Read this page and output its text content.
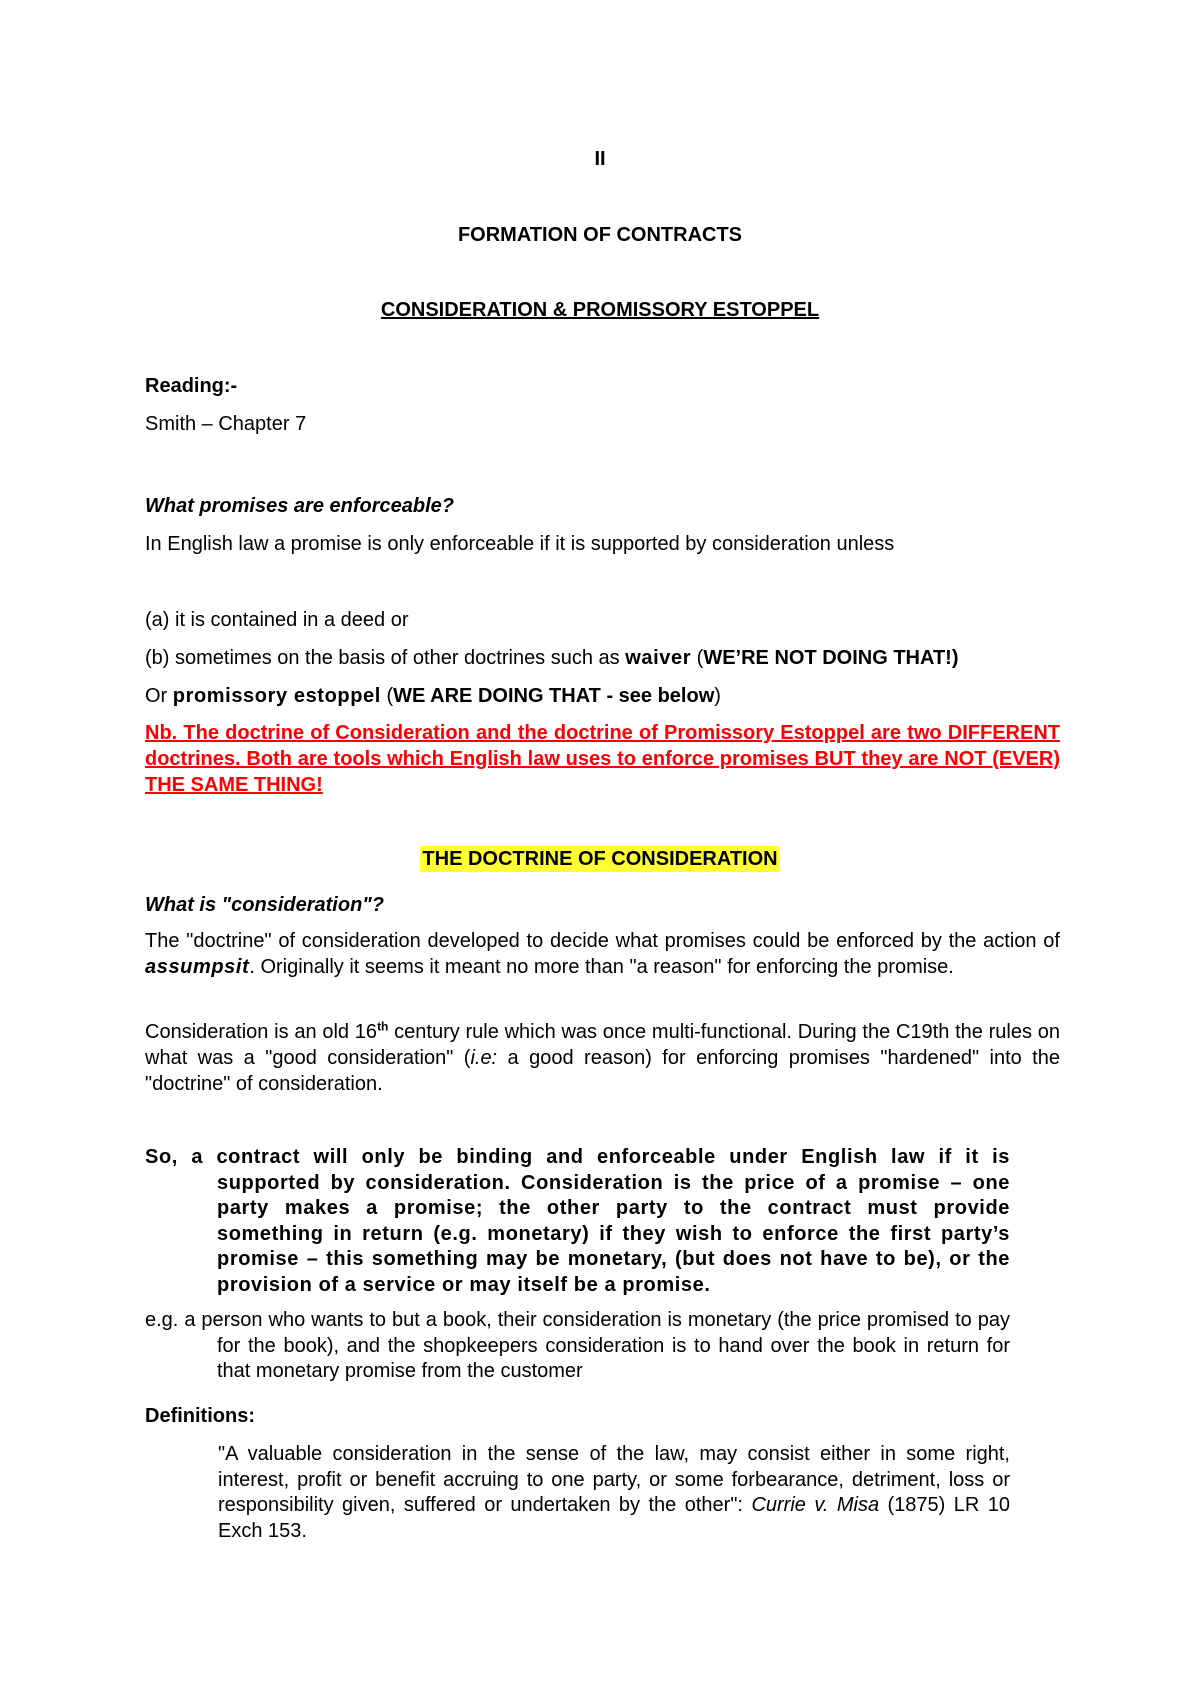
II
FORMATION OF CONTRACTS
CONSIDERATION & PROMISSORY ESTOPPEL
Reading:-
Smith – Chapter 7
What promises are enforceable?
In English law a promise is only enforceable if it is supported by consideration unless
(a) it is contained in a deed or
(b) sometimes on the basis of other doctrines such as waiver (WE’RE NOT DOING THAT!)
Or promissory estoppel (WE ARE DOING THAT - see below)
Nb. The doctrine of Consideration and the doctrine of Promissory Estoppel are two DIFFERENT doctrines. Both are tools which English law uses to enforce promises BUT they are NOT (EVER) THE SAME THING!
THE DOCTRINE OF CONSIDERATION
What is "consideration"?
The "doctrine" of consideration developed to decide what promises could be enforced by the action of assumpsit. Originally it seems it meant no more than "a reason" for enforcing the promise.
Consideration is an old 16th century rule which was once multi-functional. During the C19th the rules on what was a "good consideration" (i.e: a good reason) for enforcing promises "hardened" into the "doctrine" of consideration.
So, a contract will only be binding and enforceable under English law if it is supported by consideration. Consideration is the price of a promise – one party makes a promise; the other party to the contract must provide something in return (e.g. monetary) if they wish to enforce the first party’s promise – this something may be monetary, (but does not have to be), or the provision of a service or may itself be a promise.
e.g. a person who wants to but a book, their consideration is monetary (the price promised to pay for the book), and the shopkeepers consideration is to hand over the book in return for that monetary promise from the customer
Definitions:
"A valuable consideration in the sense of the law, may consist either in some right, interest, profit or benefit accruing to one party, or some forbearance, detriment, loss or responsibility given, suffered or undertaken by the other": Currie v. Misa (1875) LR 10 Exch 153.
